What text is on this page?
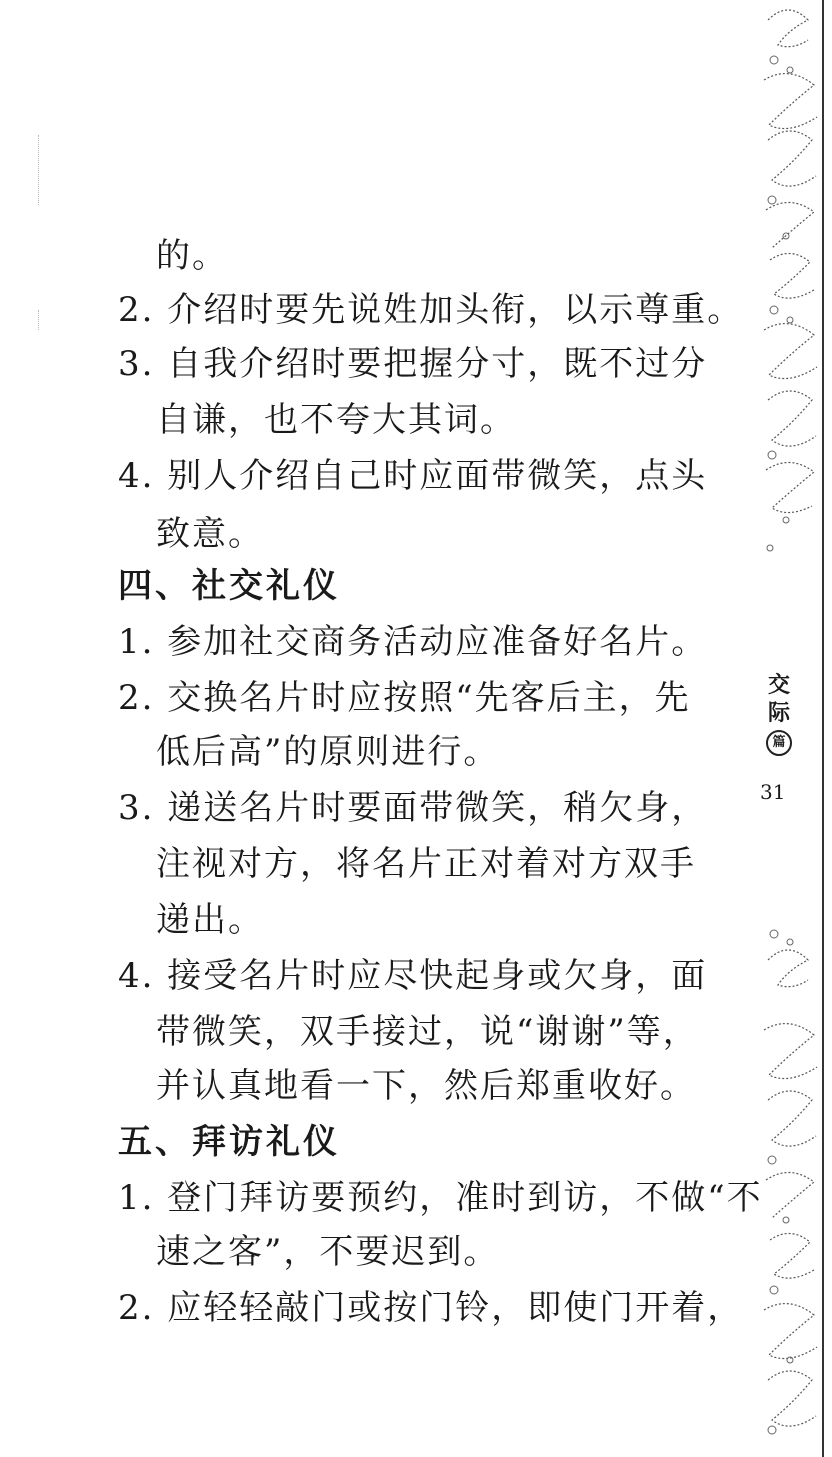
的。
2. 介绍时要先说姓加头衔，以示尊重。
3. 自我介绍时要把握分寸，既不过分
自谦，也不夸大其词。
4. 别人介绍自己时应面带微笑，点头
致意。
四、社交礼仪
1. 参加社交商务活动应准备好名片。
2. 交换名片时应按照“先客后主，先
低后高”的原则进行。
3. 递送名片时要面带微笑，稍欠身，
注视对方，将名片正对着对方双手
递出。
4. 接受名片时应尽快起身或欠身，面
带微笑，双手接过，说“谢谢”等，
并认真地看一下，然后郑重收好。
五、拜访礼仪
1. 登门拜访要预约，准时到访，不做“不
速之客”，不要迟到。
2. 应轻轻敲门或按门铃，即使门开着，
交
际
篇
31
